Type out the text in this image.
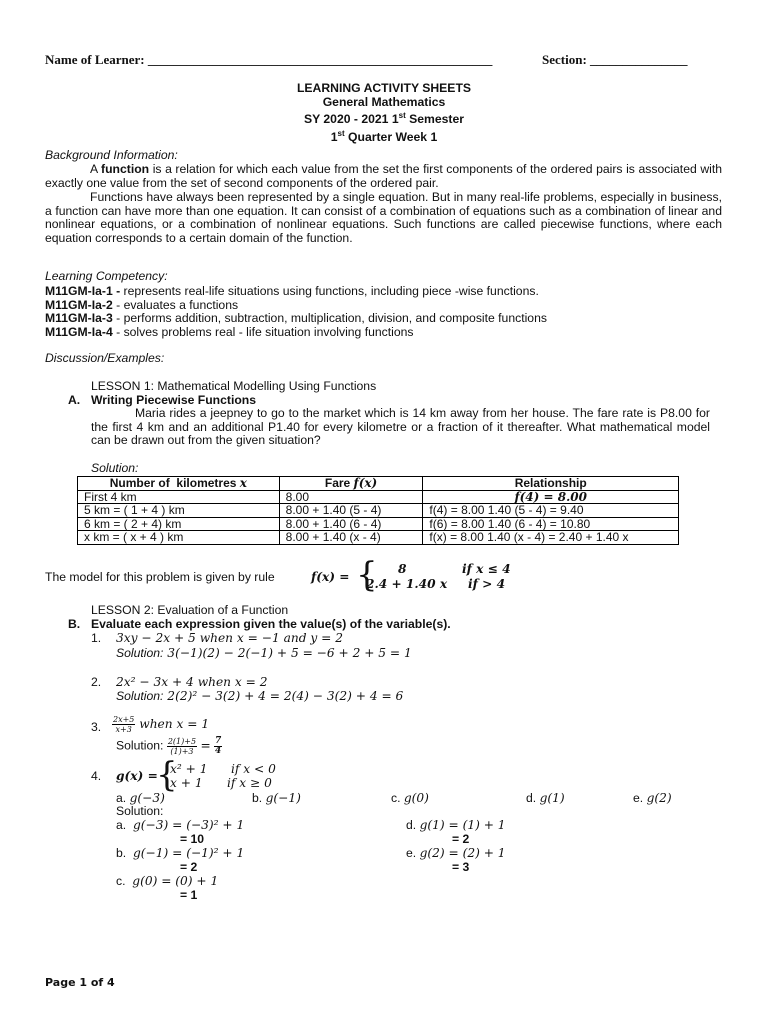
Name of Learner: _____________________________________________________	Section: _______________
LEARNING ACTIVITY SHEETS
General Mathematics
SY 2020 - 2021 1st Semester
1st Quarter Week 1
Background Information:
A function is a relation for which each value from the set the first components of the ordered pairs is associated with exactly one value from the set of second components of the ordered pair.
Functions have always been represented by a single equation. But in many real-life problems, especially in business, a function can have more than one equation. It can consist of a combination of equations such as a combination of linear and nonlinear equations, or a combination of nonlinear equations. Such functions are called piecewise functions, where each equation corresponds to a certain domain of the function.
Learning Competency:
M11GM-Ia-1 - represents real-life situations using functions, including piece -wise functions.
M11GM-Ia-2 - evaluates a functions
M11GM-Ia-3 - performs addition, subtraction, multiplication, division, and composite functions
M11GM-Ia-4 - solves problems real - life situation involving functions
Discussion/Examples:
LESSON 1: Mathematical Modelling Using Functions
A. Writing Piecewise Functions
Maria rides a jeepney to go to the market which is 14 km away from her house. The fare rate is P8.00 for the first 4 km and an additional P1.40 for every kilometre or a fraction of it thereafter. What mathematical model can be drawn out from the given situation?
Solution:
Number of  kilometres x	Fare f(x)	Relationship
First 4 km	8.00	f(4) = 8.00
5 km = ( 1 + 4 ) km	8.00 + 1.40 (5 - 4)	f(4) = 8.00 1.40 (5 - 4) = 9.40
6 km = ( 2 + 4) km	8.00 + 1.40 (6 - 4)	f(6) = 8.00 1.40 (6 - 4) = 10.80
x km = ( x + 4 ) km	8.00 + 1.40 (x - 4)	f(x) = 8.00 1.40 (x - 4) = 2.40 + 1.40 x
The model for this problem is given by rule	f(x) = { 8	if x ≤ 4
2.4 + 1.40 x if > 4
LESSON 2: Evaluation of a Function
B. Evaluate each expression given the value(s) of the variable(s).
1. 3xy − 2x + 5 when x = −1 and y = 2
Solution: 3(−1)(2) − 2(−1) + 5 = −6 + 2 + 5 = 1
2. 2x² − 3x + 4 when x = 2
Solution: 2(2)² − 3(2) + 4 = 2(4) − 3(2) + 4 = 6
3. $\frac{2x+5}{x+3}$ when x = 1
Solution: $\frac{2(1)+5}{(1)+3} = \frac{7}{4}$
4. g(x) =
{
x² + 1 if x < 0
x + 1 if x ≥ 0
a. g(−3)	b. g(−1)	c. g(0)	d. g(1)	e. g(2)
Solution:
a. g(−3) = (−3)² + 1
= 10
b. g(−1) = (−1)² + 1
= 2
c. g(0) = (0) + 1
= 1
d. g(1) = (1) + 1
= 2
e. g(2) = (2) + 1
= 3
Page 1 of 4
